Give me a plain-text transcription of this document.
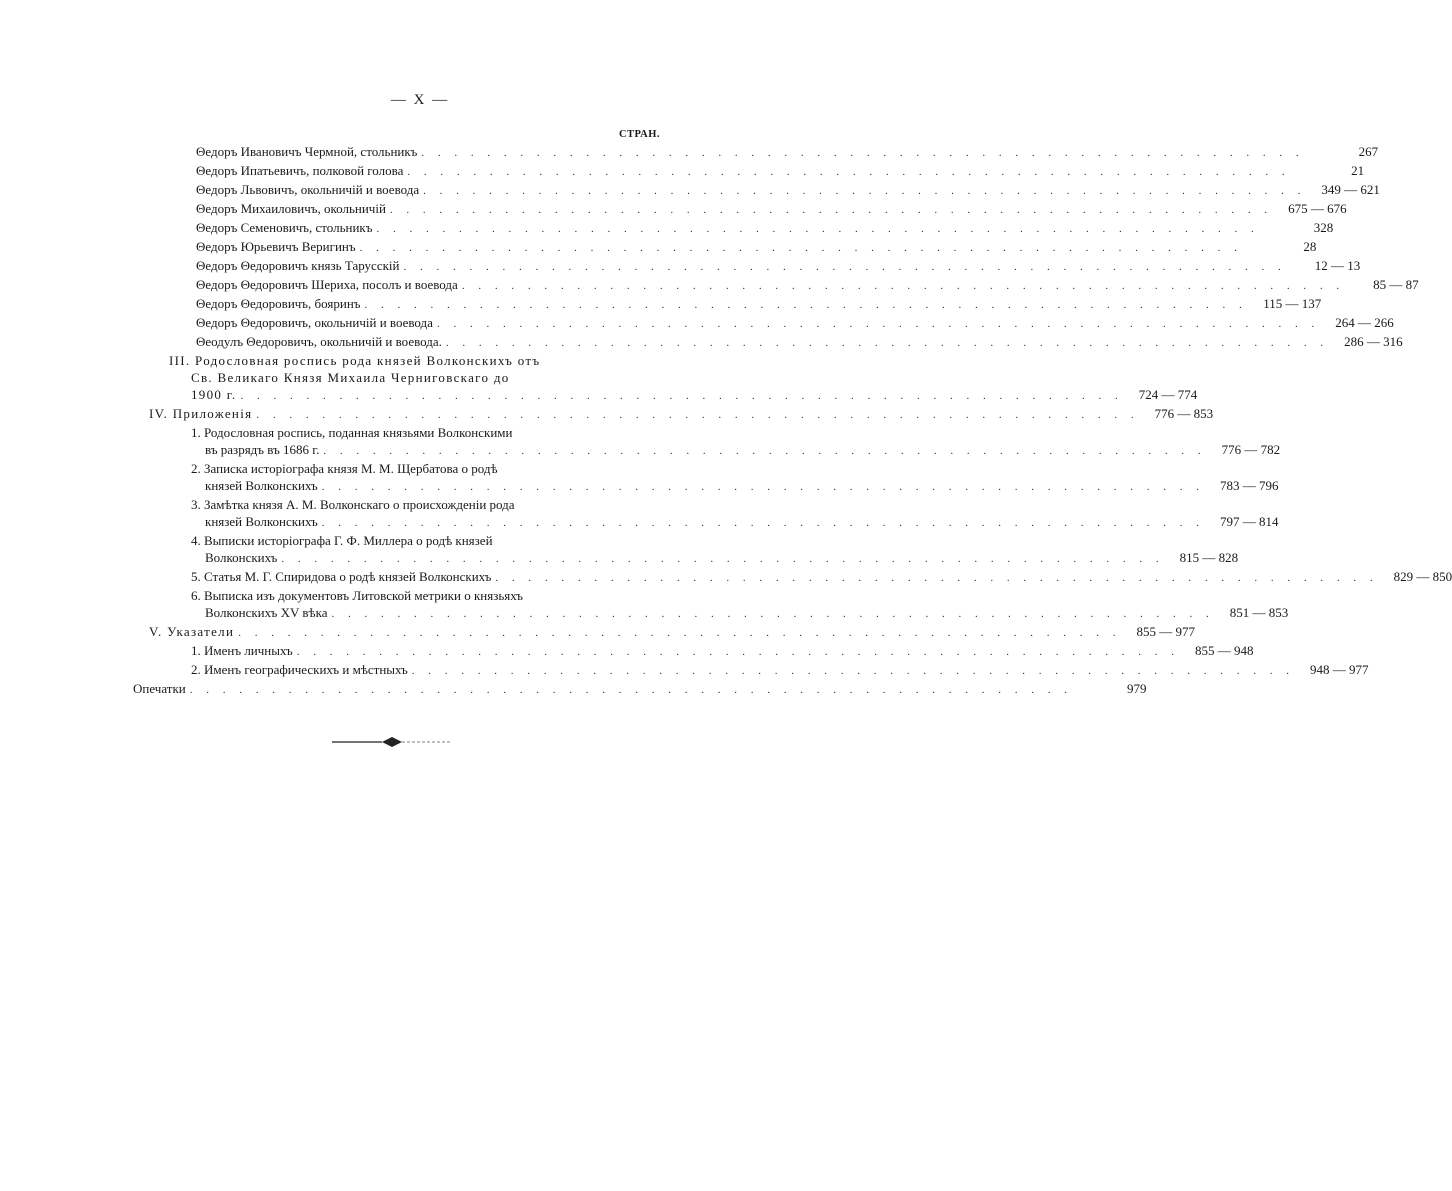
— X —
СТРАН.
Θедоръ Ивановичъ Чермной, стольникъ . . . . . . . . . . . . . . . . . . . . . . . . . . . . . . . . . . . . . . . . . . . . . . . . . . . . . .	267
Θедоръ Ипатьевичъ, полковой голова . . . . . . . . . . . . . . . . . . . . . . . . . . . . . . . . . . . . . . . . . . . . . . . . . . . . . .	21
Θедоръ Львовичъ, окольничій и воевода . . . . . . . . . . . . . . . . . . . . . . . . . . . . . . . . . . . . . . . . . . . . . . . . . . . . . .	349 — 621
Θедоръ Михаиловичъ, окольничій . . . . . . . . . . . . . . . . . . . . . . . . . . . . . . . . . . . . . . . . . . . . . . . . . . . . . .	675 — 676
Θедоръ Семеновичъ, стольникъ . . . . . . . . . . . . . . . . . . . . . . . . . . . . . . . . . . . . . . . . . . . . . . . . . . . . . .	328
Θедоръ Юрьевичъ Веригинъ . . . . . . . . . . . . . . . . . . . . . . . . . . . . . . . . . . . . . . . . . . . . . . . . . . . . . .	28
Θедоръ Θедоровичъ князь Тарусскій . . . . . . . . . . . . . . . . . . . . . . . . . . . . . . . . . . . . . . . . . . . . . . . . . . . . . .	12 — 13
Θедоръ Θедоровичъ Шериха, посолъ и воевода . . . . . . . . . . . . . . . . . . . . . . . . . . . . . . . . . . . . . . . . . . . . . . . . . . . . . .	85 — 87
Θедоръ Θедоровичъ, бояринъ . . . . . . . . . . . . . . . . . . . . . . . . . . . . . . . . . . . . . . . . . . . . . . . . . . . . . .	115 — 137
Θедоръ Θедоровичъ, окольничій и воевода . . . . . . . . . . . . . . . . . . . . . . . . . . . . . . . . . . . . . . . . . . . . . . . . . . . . . .	264 — 266
Θеодулъ Θедоровичъ, окольничій и воевода. . . . . . . . . . . . . . . . . . . . . . . . . . . . . . . . . . . . . . . . . . . . . . . . . . . . . . .	286 — 316
III. Родословная роспись рода князей Волконскихъ отъ
Св. Великаго Князя Михаила Черниговскаго до
1900 г. . . . . . . . . . . . . . . . . . . . . . . . . . . . . . . . . . . . . . . . . . . . . . . . . . . . . . .	724 — 774
IV. Приложенія . . . . . . . . . . . . . . . . . . . . . . . . . . . . . . . . . . . . . . . . . . . . . . . . . . . . . .	776 — 853
1. Родословная роспись, поданная князьями Волконскими
въ разрядъ въ 1686 г. . . . . . . . . . . . . . . . . . . . . . . . . . . . . . . . . . . . . . . . . . . . . . . . . . . . . . .	776 — 782
2. Записка исторіографа князя М. М. Щербатова о родѣ
князей Волконскихъ . . . . . . . . . . . . . . . . . . . . . . . . . . . . . . . . . . . . . . . . . . . . . . . . . . . . . .	783 — 796
3. Замѣтка князя А. М. Волконскаго о происхожденіи рода
князей Волконскихъ . . . . . . . . . . . . . . . . . . . . . . . . . . . . . . . . . . . . . . . . . . . . . . . . . . . . . .	797 — 814
4. Выписки исторіографа Г. Ф. Миллера о родѣ князей
Волконскихъ . . . . . . . . . . . . . . . . . . . . . . . . . . . . . . . . . . . . . . . . . . . . . . . . . . . . . .	815 — 828
5. Статья М. Г. Спиридова о родѣ князей Волконскихъ . . . . . . . . . . . . . . . . . . . . . . . . . . . . . . . . . . . . . . . . . . . . . . . . . . . . . .	829 — 850
6. Выписка изъ документовъ Литовской метрики о князьяхъ
Волконскихъ XV вѣка . . . . . . . . . . . . . . . . . . . . . . . . . . . . . . . . . . . . . . . . . . . . . . . . . . . . . .	851 — 853
V. Указатели . . . . . . . . . . . . . . . . . . . . . . . . . . . . . . . . . . . . . . . . . . . . . . . . . . . . . .	855 — 977
1. Именъ личныхъ . . . . . . . . . . . . . . . . . . . . . . . . . . . . . . . . . . . . . . . . . . . . . . . . . . . . . .	855 — 948
2. Именъ географическихъ и мѣстныхъ . . . . . . . . . . . . . . . . . . . . . . . . . . . . . . . . . . . . . . . . . . . . . . . . . . . . . .	948 — 977
Опечатки . . . . . . . . . . . . . . . . . . . . . . . . . . . . . . . . . . . . . . . . . . . . . . . . . . . . . .	979
